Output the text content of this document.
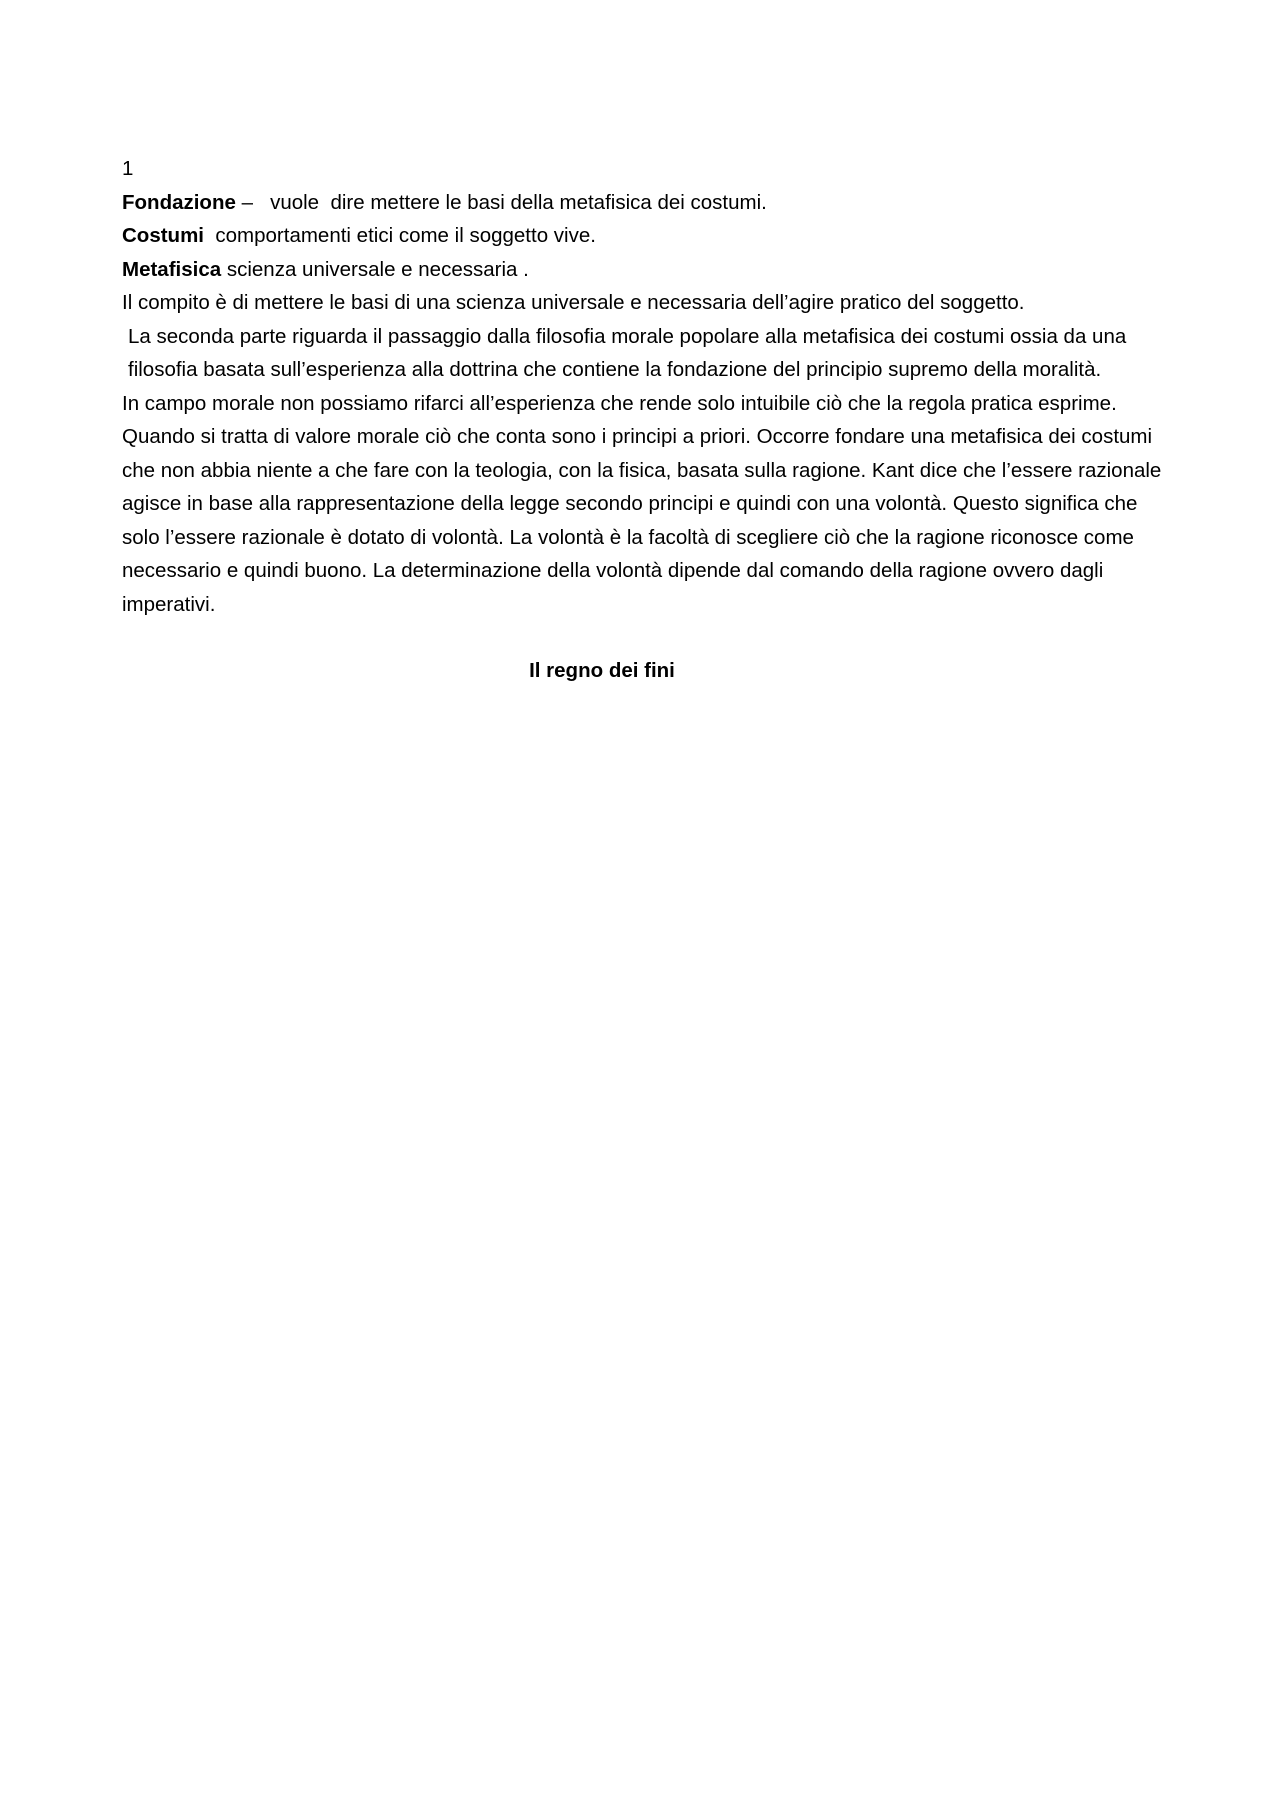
1

Fondazione –   vuole  dire mettere le basi della metafisica dei costumi.

Costumi  comportamenti etici come il soggetto vive.

Metafisica scienza universale e necessaria .

Il compito è di mettere le basi di una scienza universale e necessaria dell’agire pratico del soggetto.

La seconda parte riguarda il passaggio dalla filosofia morale popolare alla metafisica dei costumi ossia da una filosofia basata sull’esperienza alla dottrina che contiene la fondazione del principio supremo della moralità.

In campo morale non possiamo rifarci all’esperienza che rende solo intuibile ciò che la regola pratica esprime. Quando si tratta di valore morale ciò che conta sono i principi a priori. Occorre fondare una metafisica dei costumi che non abbia niente a che fare con la teologia, con la fisica, basata sulla ragione. Kant dice che l’essere razionale agisce in base alla rappresentazione della legge secondo principi e quindi con una volontà. Questo significa che solo l’essere razionale è dotato di volontà. La volontà è la facoltà di scegliere ciò che la ragione riconosce come necessario e quindi buono. La determinazione della volontà dipende dal comando della ragione ovvero dagli imperativi.

Il regno dei fini
